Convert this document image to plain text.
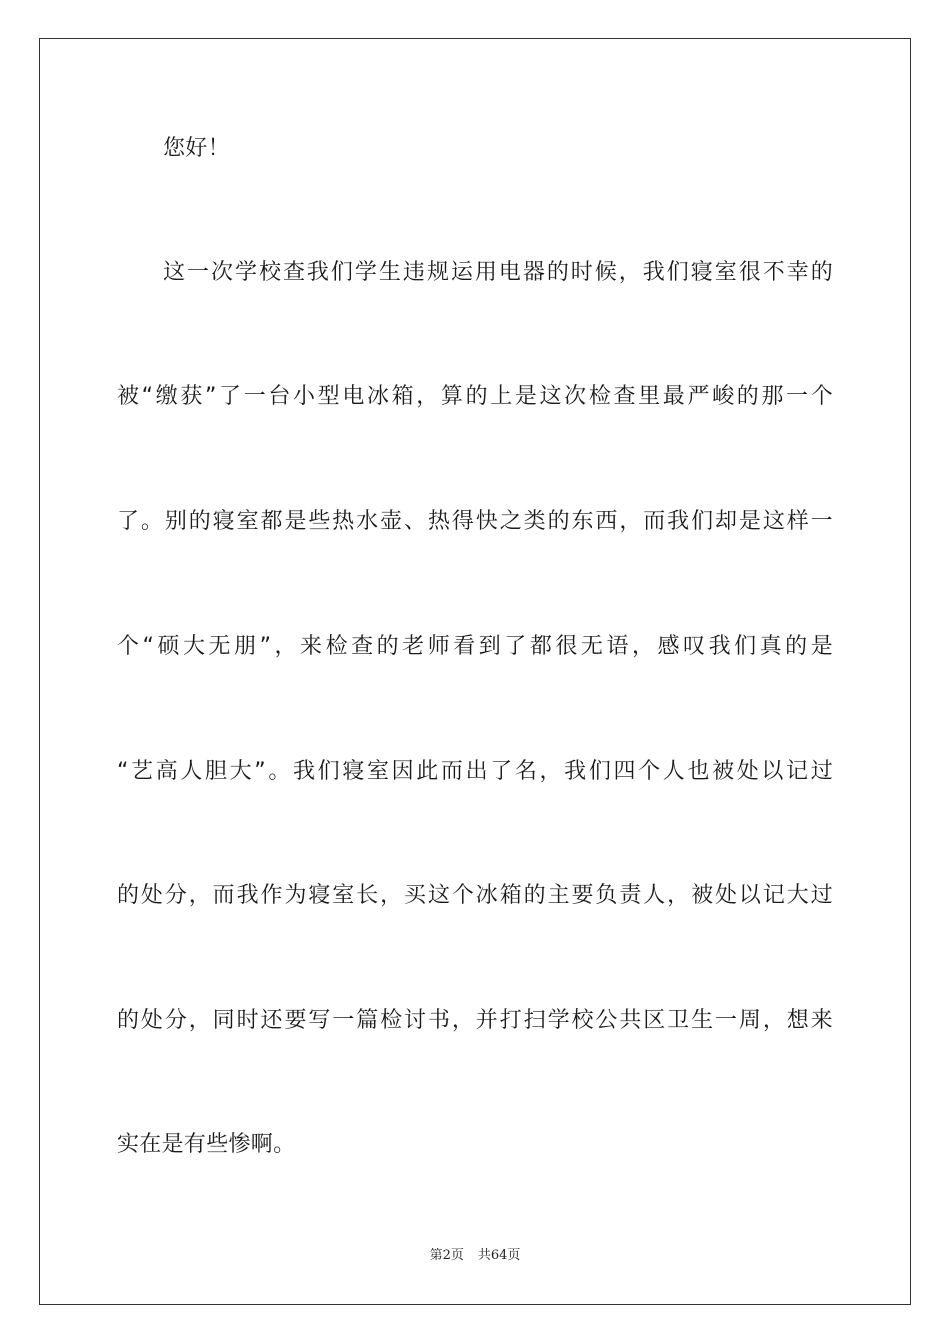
您好！
这一次学校查我们学生违规运用电器的时候，我们寝室很不幸的
被“缴获”了一台小型电冰箱，算的上是这次检查里最严峻的那一个
了。别的寝室都是些热水壶、热得快之类的东西，而我们却是这样一
个“硕大无朋”，来检查的老师看到了都很无语，感叹我们真的是
“艺高人胆大”。我们寝室因此而出了名，我们四个人也被处以记过
的处分，而我作为寝室长，买这个冰箱的主要负责人，被处以记大过
的处分，同时还要写一篇检讨书，并打扫学校公共区卫生一周，想来
实在是有些惨啊。
第2页 共64页
